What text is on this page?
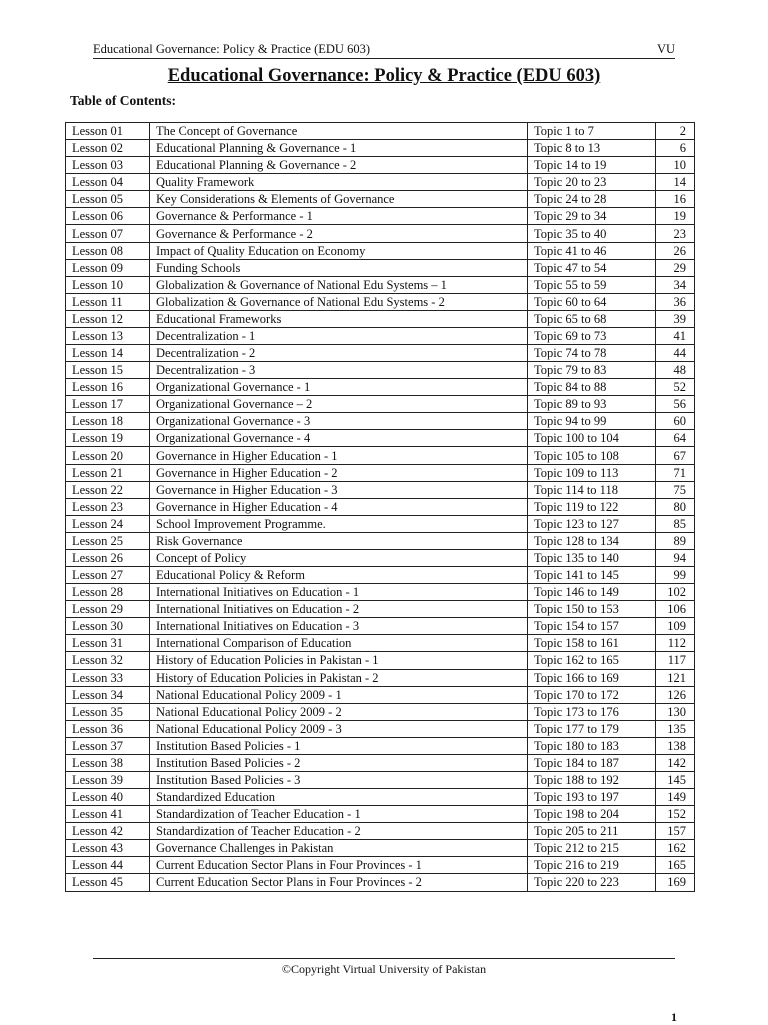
Educational Governance: Policy & Practice (EDU 603)	VU
Educational Governance: Policy & Practice (EDU 603)
Table of Contents:
Lesson 01	The Concept of Governance	Topic 1 to 7	2
Lesson 02	Educational Planning & Governance - 1	Topic 8 to 13	6
Lesson 03	Educational Planning & Governance - 2	Topic 14 to 19	10
Lesson 04	Quality Framework	Topic 20 to 23	14
Lesson 05	Key Considerations & Elements of Governance	Topic 24 to 28	16
Lesson 06	Governance & Performance - 1	Topic 29 to 34	19
Lesson 07	Governance & Performance - 2	Topic 35 to 40	23
Lesson 08	Impact of Quality Education on Economy	Topic 41 to 46	26
Lesson 09	Funding Schools	Topic 47 to 54	29
Lesson 10	Globalization & Governance of National Edu Systems – 1	Topic 55 to 59	34
Lesson 11	Globalization & Governance of National Edu Systems - 2	Topic 60 to 64	36
Lesson 12	Educational Frameworks	Topic 65 to 68	39
Lesson 13	Decentralization - 1	Topic 69 to 73	41
Lesson 14	Decentralization - 2	Topic 74 to 78	44
Lesson 15	Decentralization - 3	Topic 79 to 83	48
Lesson 16	Organizational Governance - 1	Topic 84 to 88	52
Lesson 17	Organizational Governance – 2	Topic 89 to 93	56
Lesson 18	Organizational Governance - 3	Topic 94 to 99	60
Lesson 19	Organizational Governance - 4	Topic 100 to 104	64
Lesson 20	Governance in Higher Education - 1	Topic 105 to 108	67
Lesson 21	Governance in Higher Education - 2	Topic 109 to 113	71
Lesson 22	Governance in Higher Education - 3	Topic 114 to 118	75
Lesson 23	Governance in Higher Education - 4	Topic 119 to 122	80
Lesson 24	School Improvement Programme.	Topic 123 to 127	85
Lesson 25	Risk Governance	Topic 128 to 134	89
Lesson 26	Concept of Policy	Topic 135 to 140	94
Lesson 27	Educational Policy & Reform	Topic 141 to 145	99
Lesson 28	International Initiatives on Education - 1	Topic 146 to 149	102
Lesson 29	International Initiatives on Education - 2	Topic 150 to 153	106
Lesson 30	International Initiatives on Education - 3	Topic 154 to 157	109
Lesson 31	International Comparison of Education	Topic 158 to 161	112
Lesson 32	History of Education Policies in Pakistan - 1	Topic 162 to 165	117
Lesson 33	History of Education Policies in Pakistan - 2	Topic 166 to 169	121
Lesson 34	National Educational Policy 2009 - 1	Topic 170 to 172	126
Lesson 35	National Educational Policy 2009 - 2	Topic 173 to 176	130
Lesson 36	National Educational Policy 2009 - 3	Topic 177 to 179	135
Lesson 37	Institution Based Policies - 1	Topic 180 to 183	138
Lesson 38	Institution Based Policies - 2	Topic 184 to 187	142
Lesson 39	Institution Based Policies - 3	Topic 188 to 192	145
Lesson 40	Standardized Education	Topic 193 to 197	149
Lesson 41	Standardization of Teacher Education - 1	Topic 198 to 204	152
Lesson 42	Standardization of Teacher Education - 2	Topic 205 to 211	157
Lesson 43	Governance Challenges in Pakistan	Topic 212 to 215	162
Lesson 44	Current Education Sector Plans in Four Provinces - 1	Topic 216 to 219	165
Lesson 45	Current Education Sector Plans in Four Provinces - 2	Topic 220 to 223	169
©Copyright Virtual University of Pakistan
1
